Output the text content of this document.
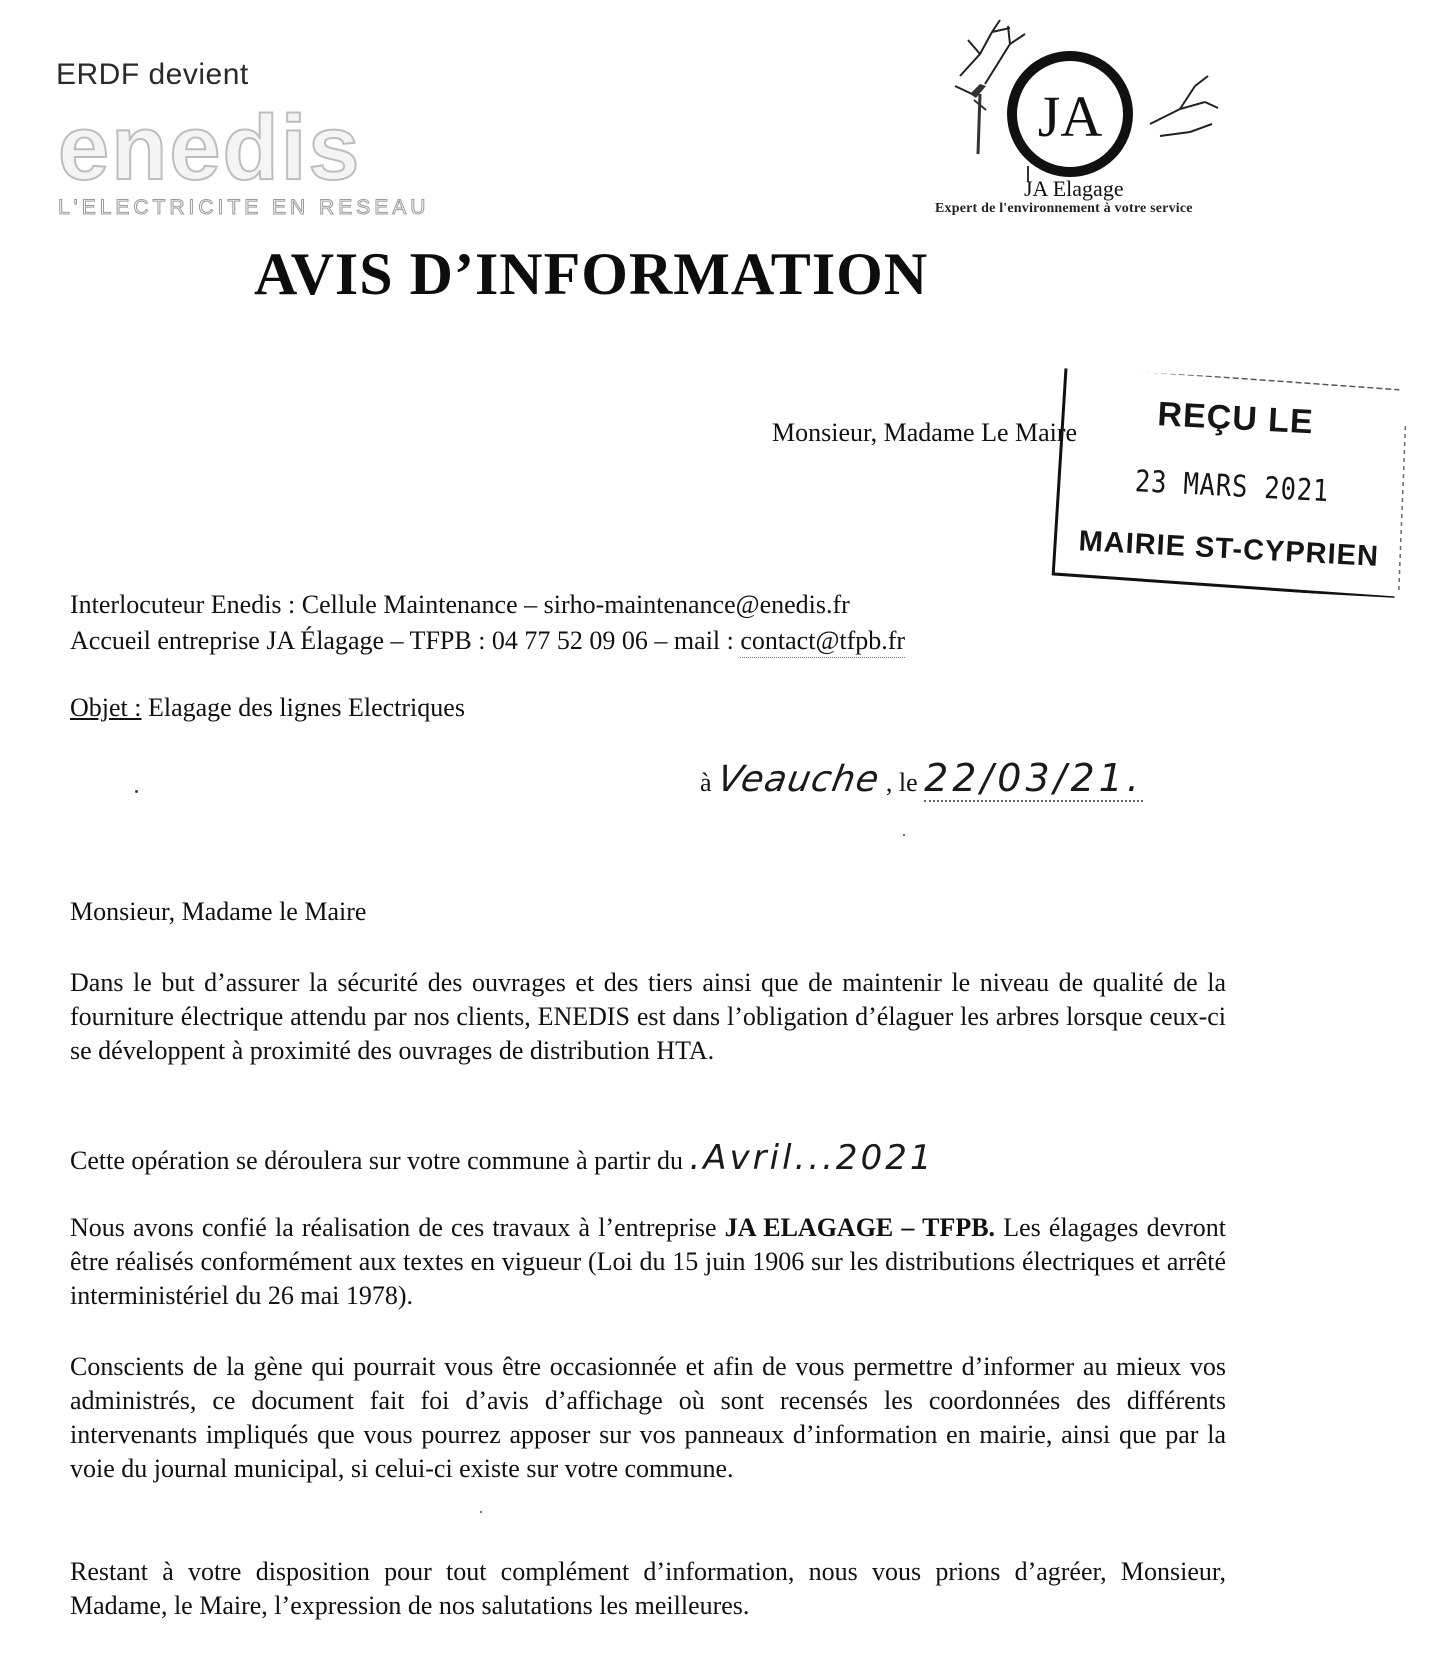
ERDF devient
enedis
L'ELECTRICITE EN RESEAU
JA
JA Elagage
Expert de l'environnement à votre service
AVIS D’INFORMATION
Monsieur, Madame Le Maire	REÇU LE
23 MARS 2021
MAIRIE ST-CYPRIEN
Interlocuteur Enedis : Cellule Maintenance – sirho-maintenance@enedis.fr
Accueil entreprise JA Élagage – TFPB : 04 77 52 09 06 – mail : contact@tfpb.fr
Objet : Elagage des lignes Electriques
à Veauche , le 22/03/21.
Monsieur, Madame le Maire
Dans le but d’assurer la sécurité des ouvrages et des tiers ainsi que de maintenir le niveau de qualité de la fourniture électrique attendu par nos clients, ENEDIS est dans l’obligation d’élaguer les arbres lorsque ceux-ci se développent à proximité des ouvrages de distribution HTA.
Cette opération se déroulera sur votre commune à partir du .Avril...2021
Nous avons confié la réalisation de ces travaux à l’entreprise JA ELAGAGE – TFPB. Les élagages devront être réalisés conformément aux textes en vigueur (Loi du 15 juin 1906 sur les distributions électriques et arrêté interministériel du 26 mai 1978).
Conscients de la gène qui pourrait vous être occasionnée et afin de vous permettre d’informer au mieux vos administrés, ce document fait foi d’avis d’affichage où sont recensés les coordonnées des différents intervenants impliqués que vous pourrez apposer sur vos panneaux d’information en mairie, ainsi que par la voie du journal municipal, si celui-ci existe sur votre commune.
Restant à votre disposition pour tout complément d’information, nous vous prions d’agréer, Monsieur, Madame, le Maire, l’expression de nos salutations les meilleures.
